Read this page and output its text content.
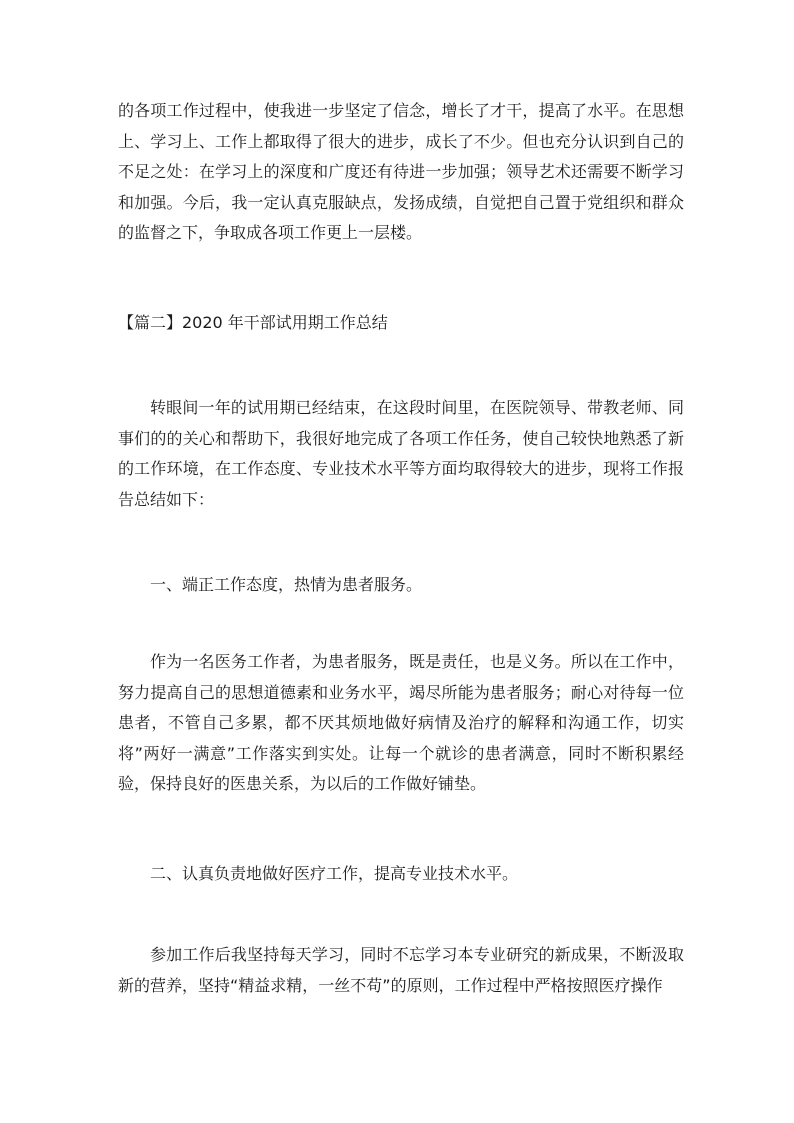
的各项工作过程中，使我进一步坚定了信念，增长了才干，提高了水平。在思想上、学习上、工作上都取得了很大的进步，成长了不少。但也充分认识到自己的不足之处：在学习上的深度和广度还有待进一步加强；领导艺术还需要不断学习和加强。今后，我一定认真克服缺点，发扬成绩，自觉把自己置于党组织和群众的监督之下，争取成各项工作更上一层楼。

【篇二】2020 年干部试用期工作总结

转眼间一年的试用期已经结束，在这段时间里，在医院领导、带教老师、同事们的的关心和帮助下，我很好地完成了各项工作任务，使自己较快地熟悉了新的工作环境，在工作态度、专业技术水平等方面均取得较大的进步，现将工作报告总结如下：

一、端正工作态度，热情为患者服务。

作为一名医务工作者，为患者服务，既是责任，也是义务。所以在工作中，努力提高自己的思想道德素和业务水平，竭尽所能为患者服务；耐心对待每一位患者，不管自己多累，都不厌其烦地做好病情及治疗的解释和沟通工作，切实将”两好一满意”工作落实到实处。让每一个就诊的患者满意，同时不断积累经验，保持良好的医患关系，为以后的工作做好铺垫。

二、认真负责地做好医疗工作，提高专业技术水平。

参加工作后我坚持每天学习，同时不忘学习本专业研究的新成果，不断汲取新的营养，坚持“精益求精，一丝不苟”的原则，工作过程中严格按照医疗操作
